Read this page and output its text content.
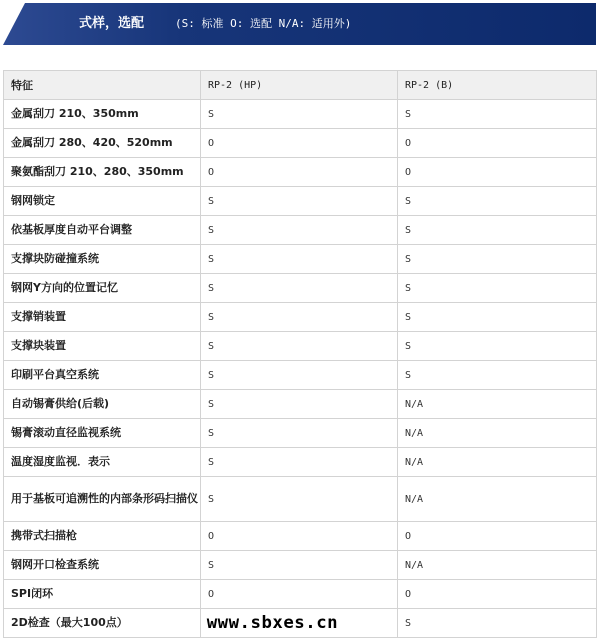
式样，选配	(S: 标准 O: 选配 N/A: 适用外)
特征	RP-2 (HP)	RP-2 (B)
金属刮刀 210、350mm	S	S
金属刮刀 280、420、520mm	O	O
聚氨酯刮刀 210、280、350mm	O	O
钢网锁定	S	S
依基板厚度自动平台调整	S	S
支撑块防碰撞系统	S	S
钢网Y方向的位置记忆	S	S
支撑销装置	S	S
支撑块装置	S	S
印刷平台真空系统	S	S
自动锡膏供给(后载)	S	N/A
锡膏滚动直径监视系统	S	N/A
温度湿度监视．表示	S	N/A
用于基板可追溯性的内部条形码扫描仪	S	N/A
携带式扫描枪	O	O
钢网开口检查系统	S	N/A
SPI闭环	O	O
2D检查（最大100点）	www.sbxes.cn	S
